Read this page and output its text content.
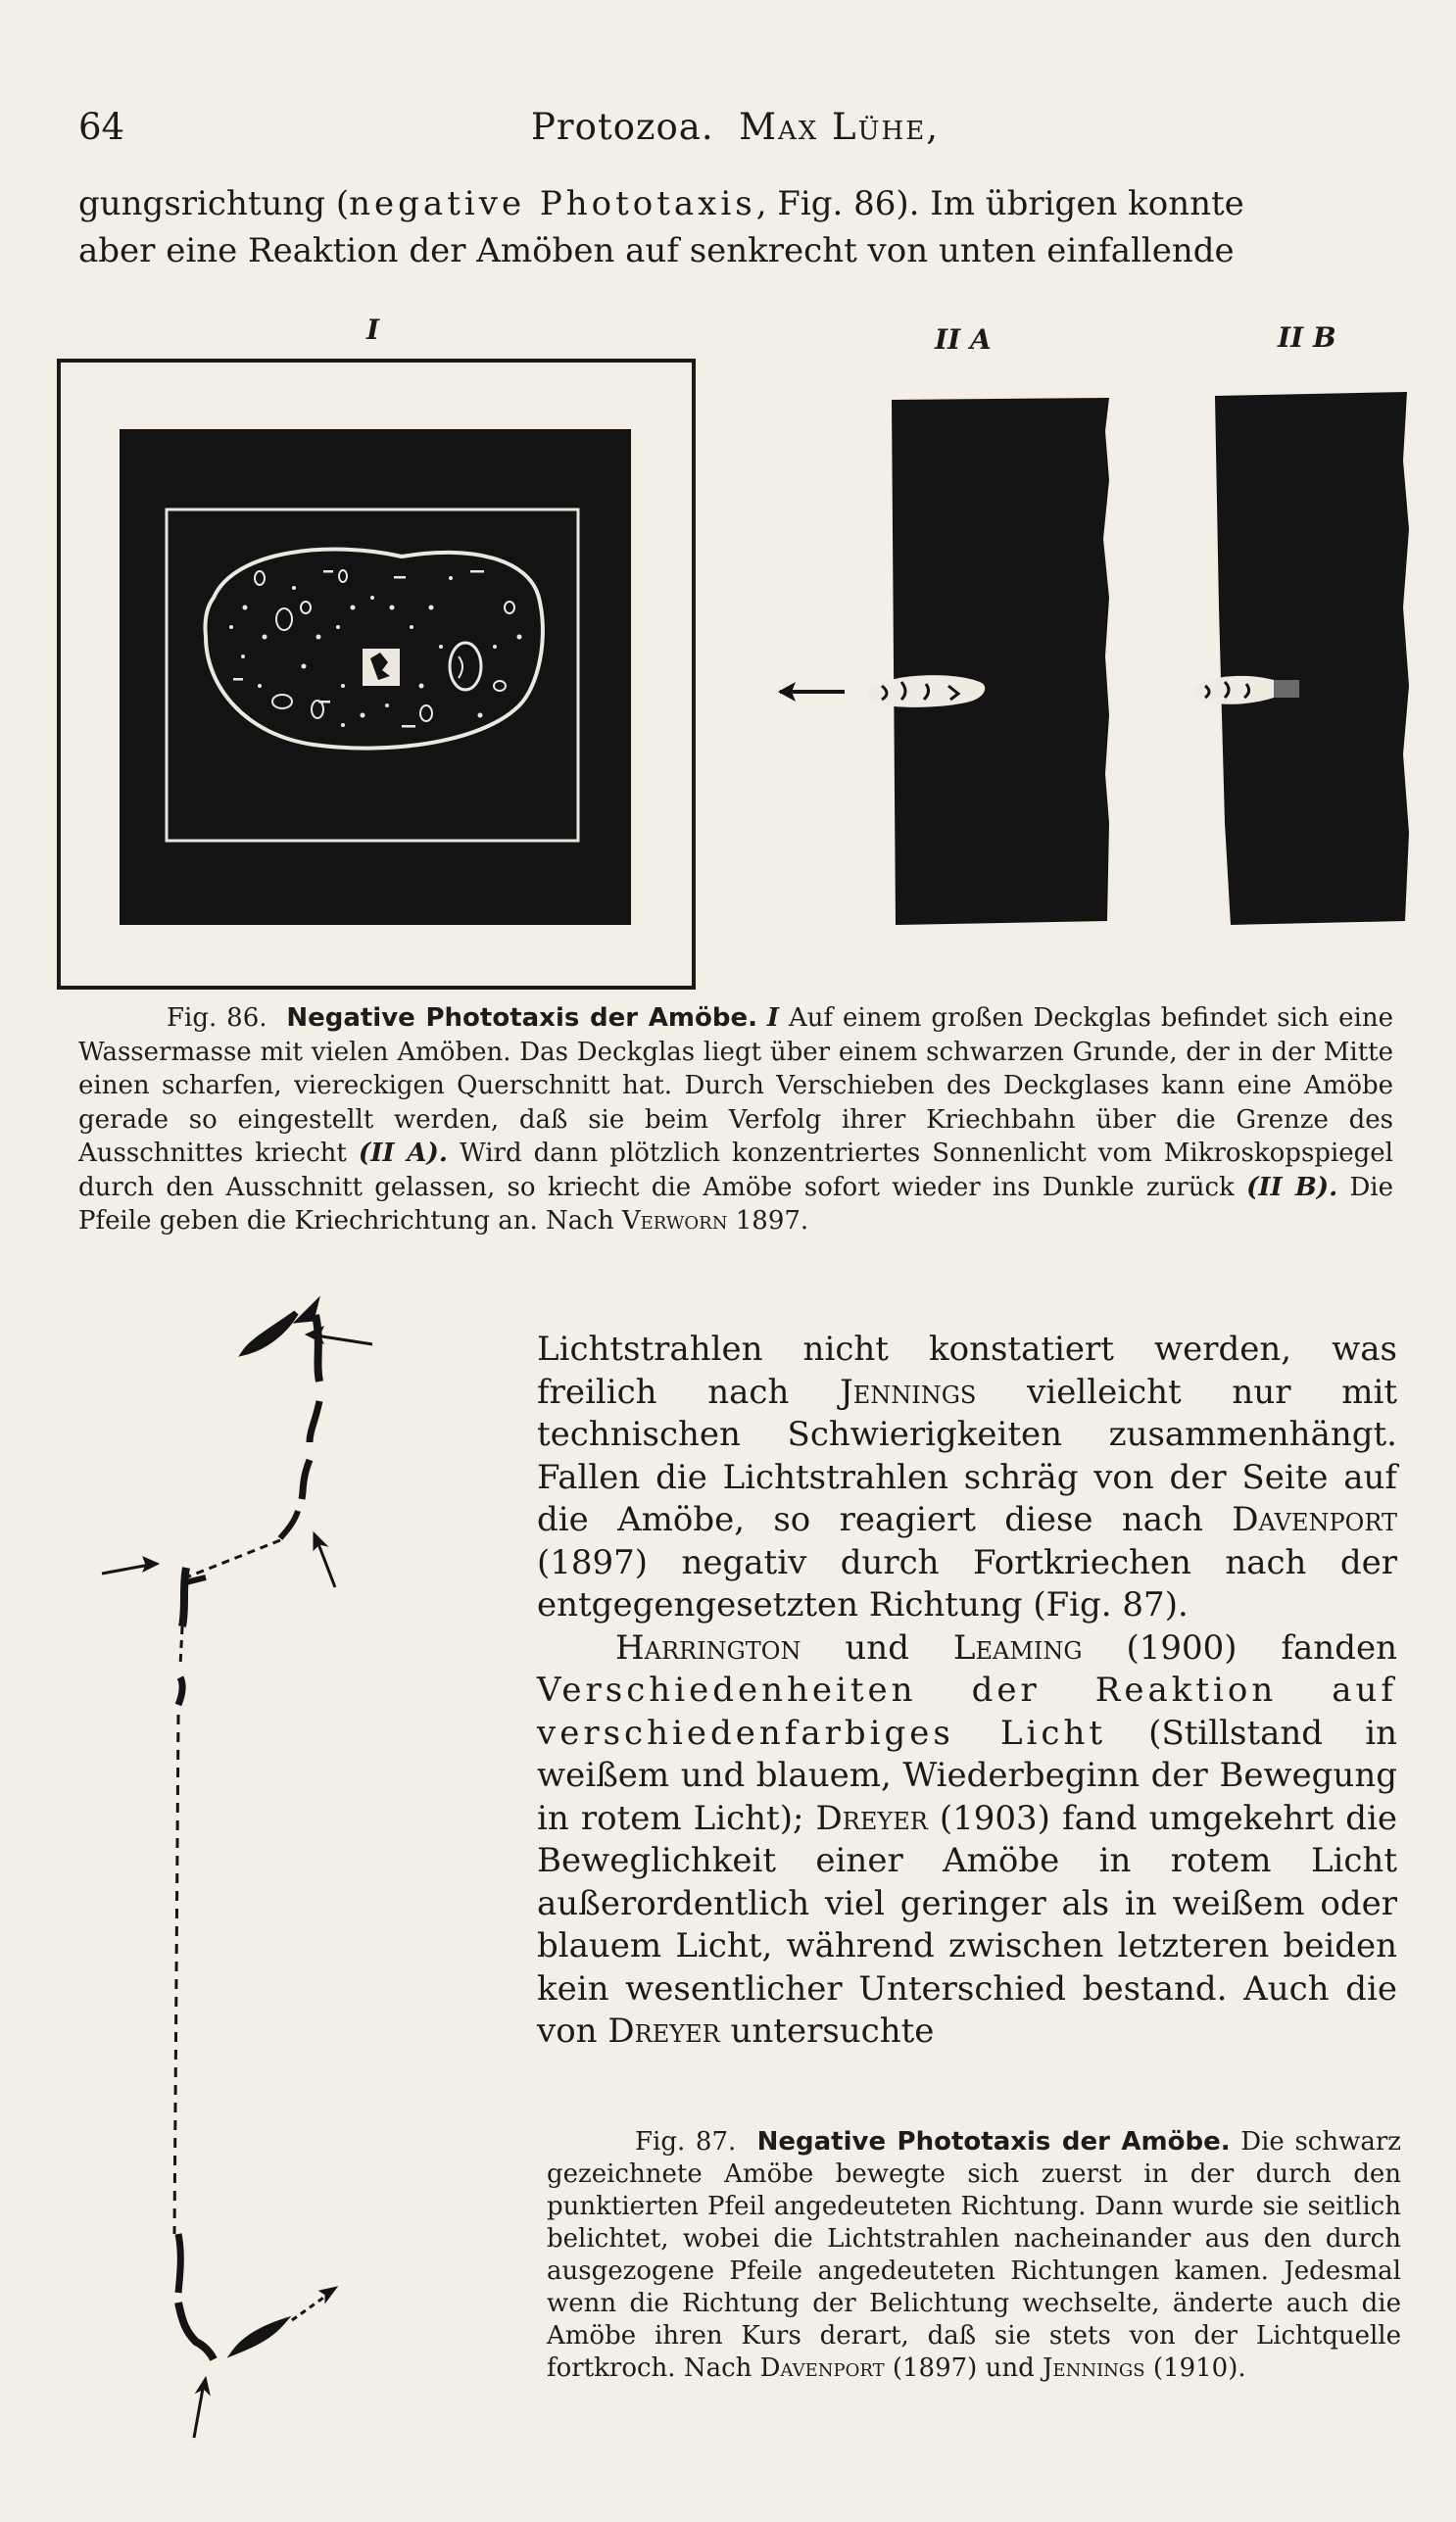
64	Protozoa. Max Lühe,
gungsrichtung (negative Phototaxis, Fig. 86). Im übrigen konnte
aber eine Reaktion der Amöben auf senkrecht von unten einfallende
I	II A	II B
Fig. 86. Negative Phototaxis der Amöbe. I Auf einem großen Deckglas befindet sich eine Wassermasse mit vielen Amöben. Das Deckglas liegt über einem schwarzen Grunde, der in der Mitte einen scharfen, viereckigen Querschnitt hat. Durch Verschieben des Deckglases kann eine Amöbe gerade so eingestellt werden, daß sie beim Verfolg ihrer Kriechbahn über die Grenze des Ausschnittes kriecht (II A). Wird dann plötzlich konzentriertes Sonnenlicht vom Mikroskopspiegel durch den Ausschnitt gelassen, so kriecht die Amöbe sofort wieder ins Dunkle zurück (II B). Die Pfeile geben die Kriechrichtung an. Nach Verworn 1897.

Lichtstrahlen nicht konstatiert werden, was freilich nach Jennings vielleicht nur mit technischen Schwierigkeiten zusammenhängt. Fallen die Lichtstrahlen schräg von der Seite auf die Amöbe, so reagiert diese nach Davenport (1897) negativ durch Fortkriechen nach der entgegengesetzten Richtung (Fig. 87).

Harrington und Leaming (1900) fanden Verschiedenheiten der Reaktion auf verschiedenfarbiges Licht (Stillstand in weißem und blauem, Wiederbeginn der Bewegung in rotem Licht); Dreyer (1903) fand umgekehrt die Beweglichkeit einer Amöbe in rotem Licht außerordentlich viel geringer als in weißem oder blauem Licht, während zwischen letzteren beiden kein wesentlicher Unterschied bestand. Auch die von Dreyer untersuchte

Fig. 87. Negative Phototaxis der Amöbe. Die schwarz gezeichnete Amöbe bewegte sich zuerst in der durch den punktierten Pfeil angedeuteten Richtung. Dann wurde sie seitlich belichtet, wobei die Lichtstrahlen nacheinander aus den durch ausgezogene Pfeile angedeuteten Richtungen kamen. Jedesmal wenn die Richtung der Belichtung wechselte, änderte auch die Amöbe ihren Kurs derart, daß sie stets von der Lichtquelle fortkroch. Nach Davenport (1897) und Jennings (1910).
